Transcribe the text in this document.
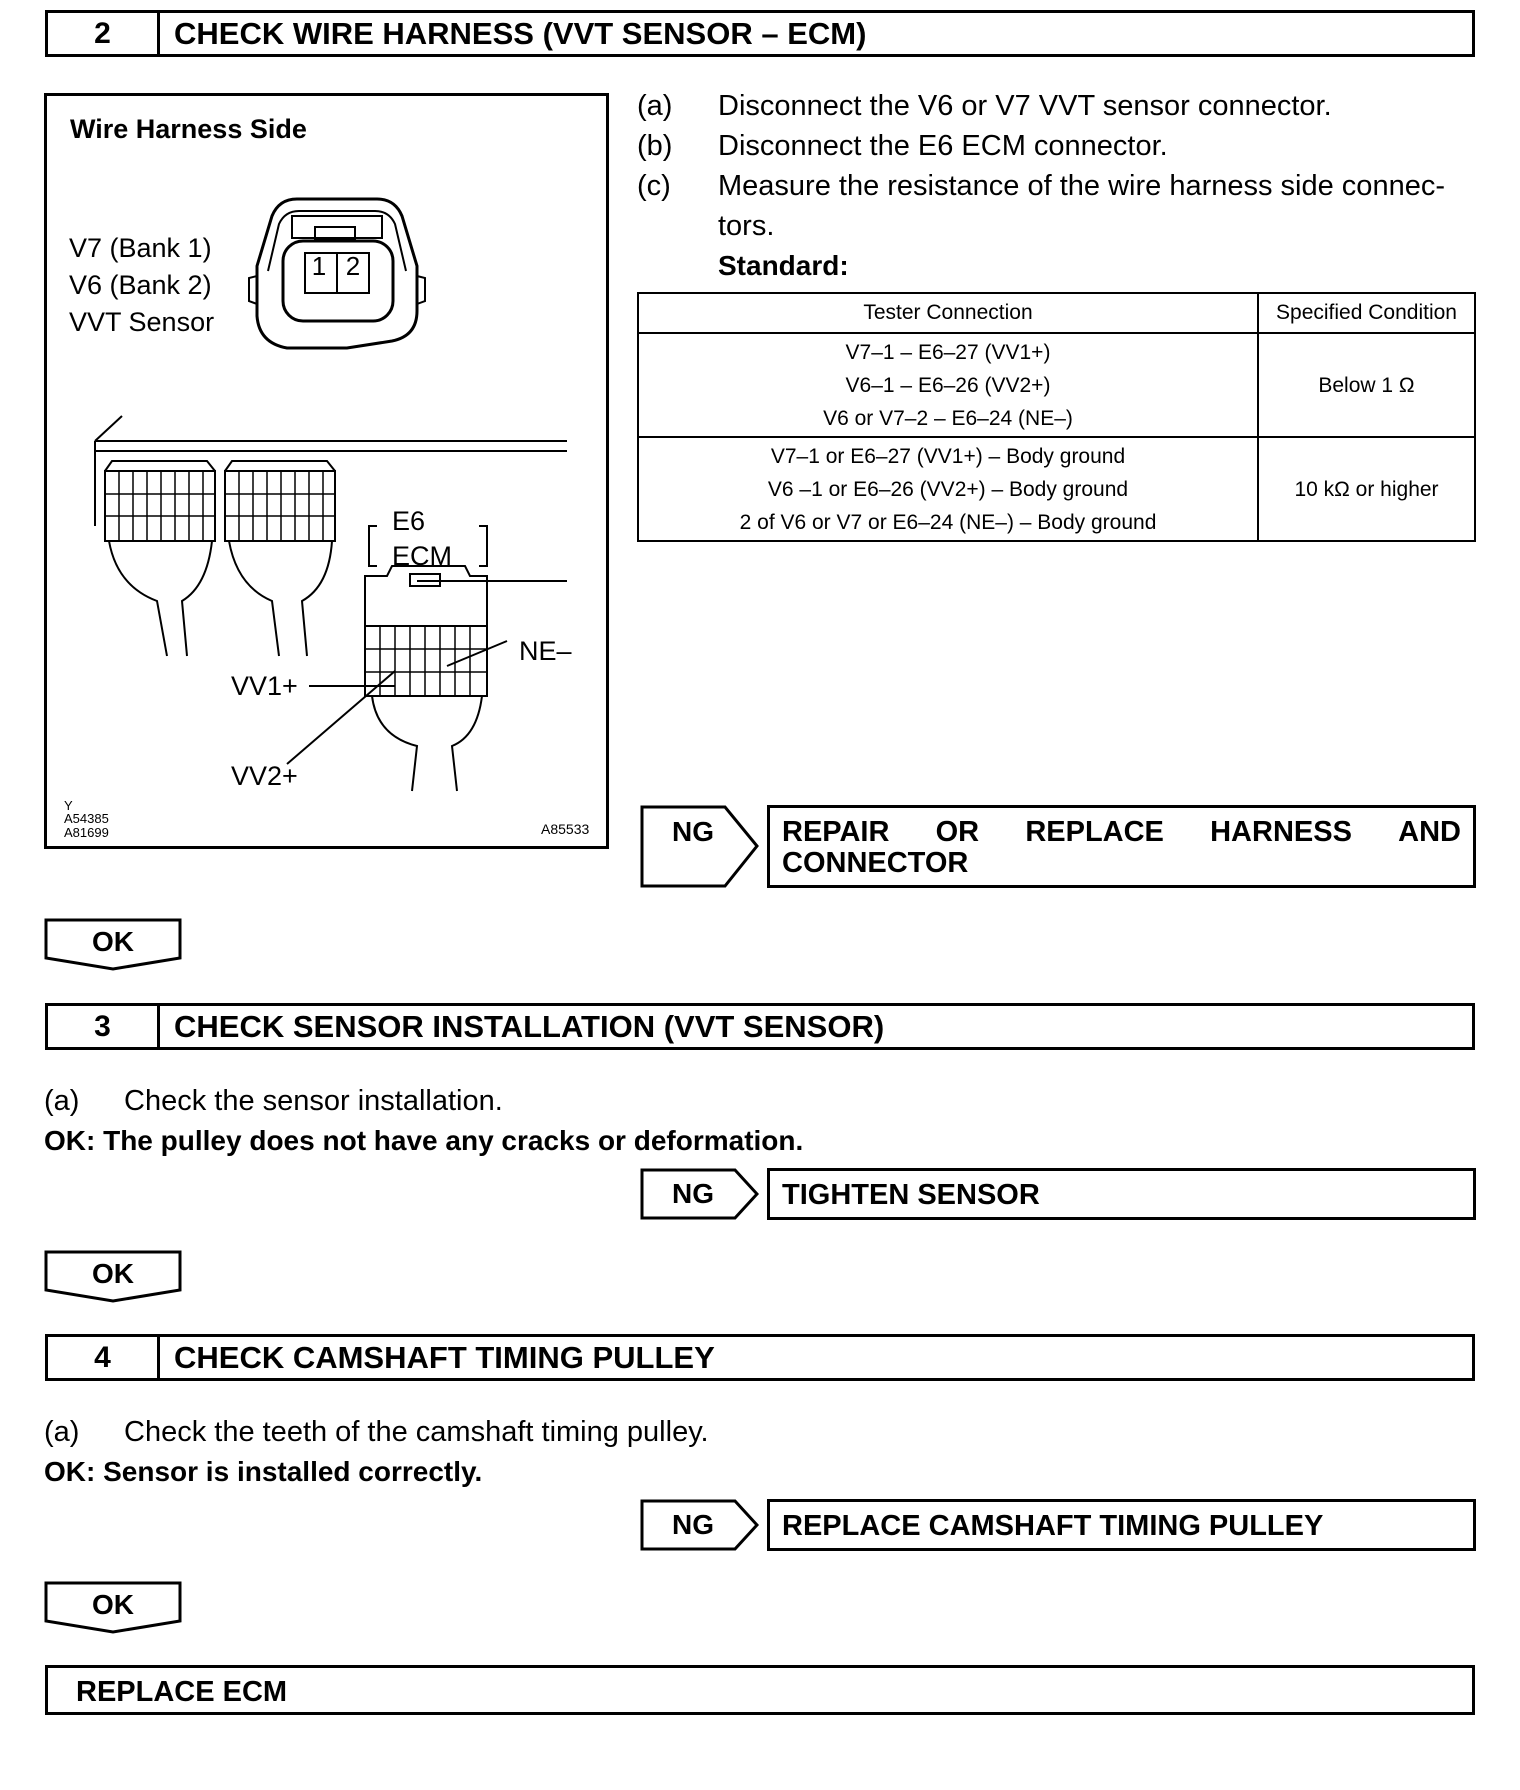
2	CHECK WIRE HARNESS (VVT SENSOR – ECM)
Wire Harness Side
V7 (Bank 1)
V6 (Bank 2)
VVT Sensor
1 2
E6
ECM
NE–
VV1+
VV2+
Y
A54385
A81699	A85533
(a) Disconnect the V6 or V7 VVT sensor connector.
(b) Disconnect the E6 ECM connector.
(c) Measure the resistance of the wire harness side connec-
tors.
Standard:
Tester Connection	Specified Condition

V7–1 – E6–27 (VV1+)
V6–1 – E6–26 (VV2+)
V6 or V7–2 – E6–24 (NE–)	Below 1 Ω

V7–1 or E6–27 (VV1+) – Body ground
V6 –1 or E6–26 (VV2+) – Body ground
2 of V6 or V7 or E6–24 (NE–) – Body ground	10 kΩ or higher
NG REPAIR OR REPLACE HARNESS AND
CONNECTOR
OK
3	CHECK SENSOR INSTALLATION (VVT SENSOR)
(a) Check the sensor installation.
OK: The pulley does not have any cracks or deformation.
NG	TIGHTEN SENSOR
OK
4	CHECK CAMSHAFT TIMING PULLEY
(a) Check the teeth of the camshaft timing pulley.
OK: Sensor is installed correctly.
NG	REPLACE CAMSHAFT TIMING PULLEY
OK
REPLACE ECM
